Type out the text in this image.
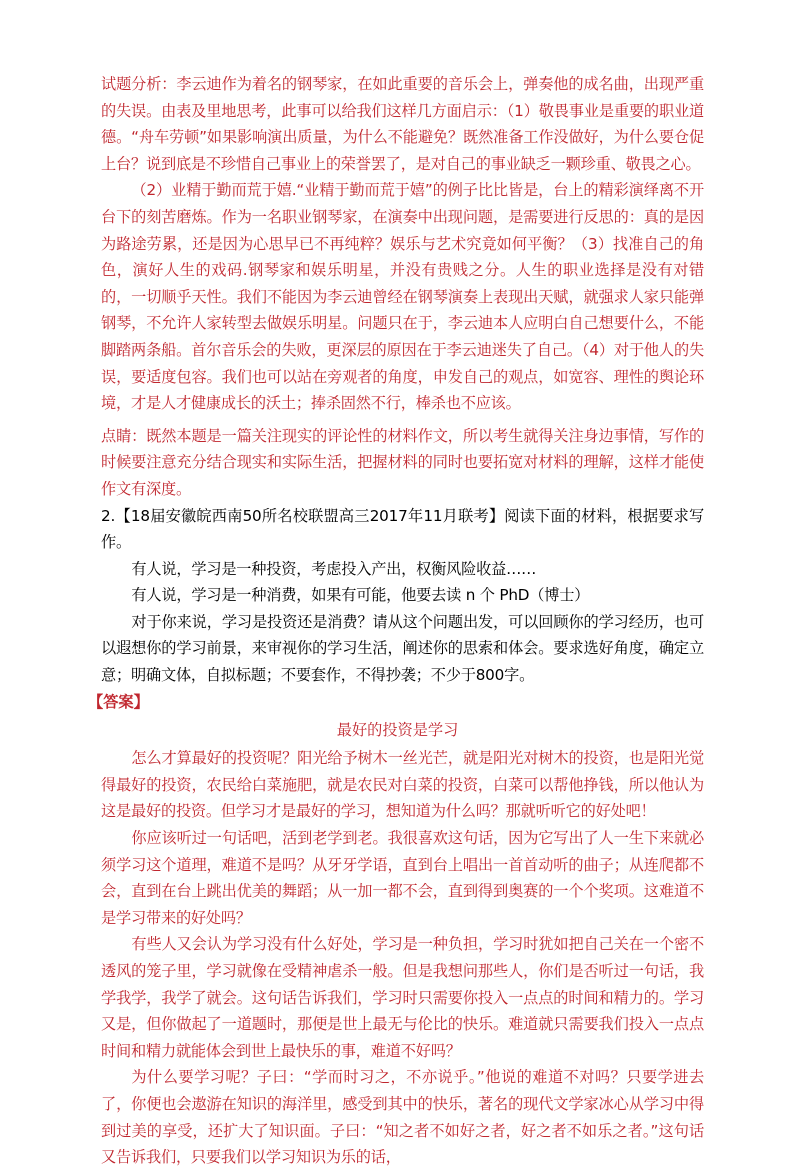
试题分析：李云迪作为着名的钢琴家，在如此重要的音乐会上，弹奏他的成名曲，出现严重的失误。由表及里地思考，此事可以给我们这样几方面启示：（1）敬畏事业是重要的职业道德。“舟车劳顿”如果影响演出质量，为什么不能避免？既然准备工作没做好，为什么要仓促上台？说到底是不珍惜自己事业上的荣誉罢了，是对自己的事业缺乏一颗珍重、敬畏之心。

（2）业精于勤而荒于嬉.“业精于勤而荒于嬉”的例子比比皆是，台上的精彩演绎离不开台下的刻苦磨炼。作为一名职业钢琴家，在演奏中出现问题，是需要进行反思的：真的是因为路途劳累，还是因为心思早已不再纯粹？娱乐与艺术究竟如何平衡？（3）找准自己的角色，演好人生的戏码.钢琴家和娱乐明星，并没有贵贱之分。人生的职业选择是没有对错的，一切顺乎天性。我们不能因为李云迪曾经在钢琴演奏上表现出天赋，就强求人家只能弹钢琴，不允许人家转型去做娱乐明星。问题只在于，李云迪本人应明白自己想要什么，不能脚踏两条船。首尔音乐会的失败，更深层的原因在于李云迪迷失了自己。（4）对于他人的失误，要适度包容。我们也可以站在旁观者的角度，申发自己的观点，如宽容、理性的舆论环境，才是人才健康成长的沃土；捧杀固然不行，棒杀也不应该。

点睛：既然本题是一篇关注现实的评论性的材料作文，所以考生就得关注身边事情，写作的时候要注意充分结合现实和实际生活，把握材料的同时也要拓宽对材料的理解，这样才能使作文有深度。

2.【18届安徽皖西南50所名校联盟高三2017年11月联考】阅读下面的材料，根据要求写作。

有人说，学习是一种投资，考虑投入产出，权衡风险收益……

有人说，学习是一种消费，如果有可能，他要去读 n 个 PhD（博士）

对于你来说，学习是投资还是消费？请从这个问题出发，可以回顾你的学习经历，也可以遐想你的学习前景，来审视你的学习生活，阐述你的思索和体会。要求选好角度，确定立意；明确文体，自拟标题；不要套作，不得抄袭；不少于800字。

【答案】

最好的投资是学习

怎么才算最好的投资呢？阳光给予树木一丝光芒，就是阳光对树木的投资，也是阳光觉得最好的投资，农民给白菜施肥，就是农民对白菜的投资，白菜可以帮他挣钱，所以他认为这是最好的投资。但学习才是最好的学习，想知道为什么吗？那就听听它的好处吧！

你应该听过一句话吧，活到老学到老。我很喜欢这句话，因为它写出了人一生下来就必须学习这个道理，难道不是吗？从牙牙学语，直到台上唱出一首首动听的曲子；从连爬都不会，直到在台上跳出优美的舞蹈；从一加一都不会，直到得到奥赛的一个个奖项。这难道不是学习带来的好处吗？

有些人又会认为学习没有什么好处，学习是一种负担，学习时犹如把自己关在一个密不透风的笼子里，学习就像在受精神虐杀一般。但是我想问那些人，你们是否听过一句话，我学我学，我学了就会。这句话告诉我们，学习时只需要你投入一点点的时间和精力的。学习又是，但你做起了一道题时，那便是世上最无与伦比的快乐。难道就只需要我们投入一点点时间和精力就能体会到世上最快乐的事，难道不好吗？

为什么要学习呢？子曰：“学而时习之，不亦说乎。”他说的难道不对吗？只要学进去了，你便也会遨游在知识的海洋里，感受到其中的快乐，著名的现代文学家冰心从学习中得到过美的享受，还扩大了知识面。子曰：“知之者不如好之者，好之者不如乐之者。”这句话又告诉我们，只要我们以学习知识为乐的话，
